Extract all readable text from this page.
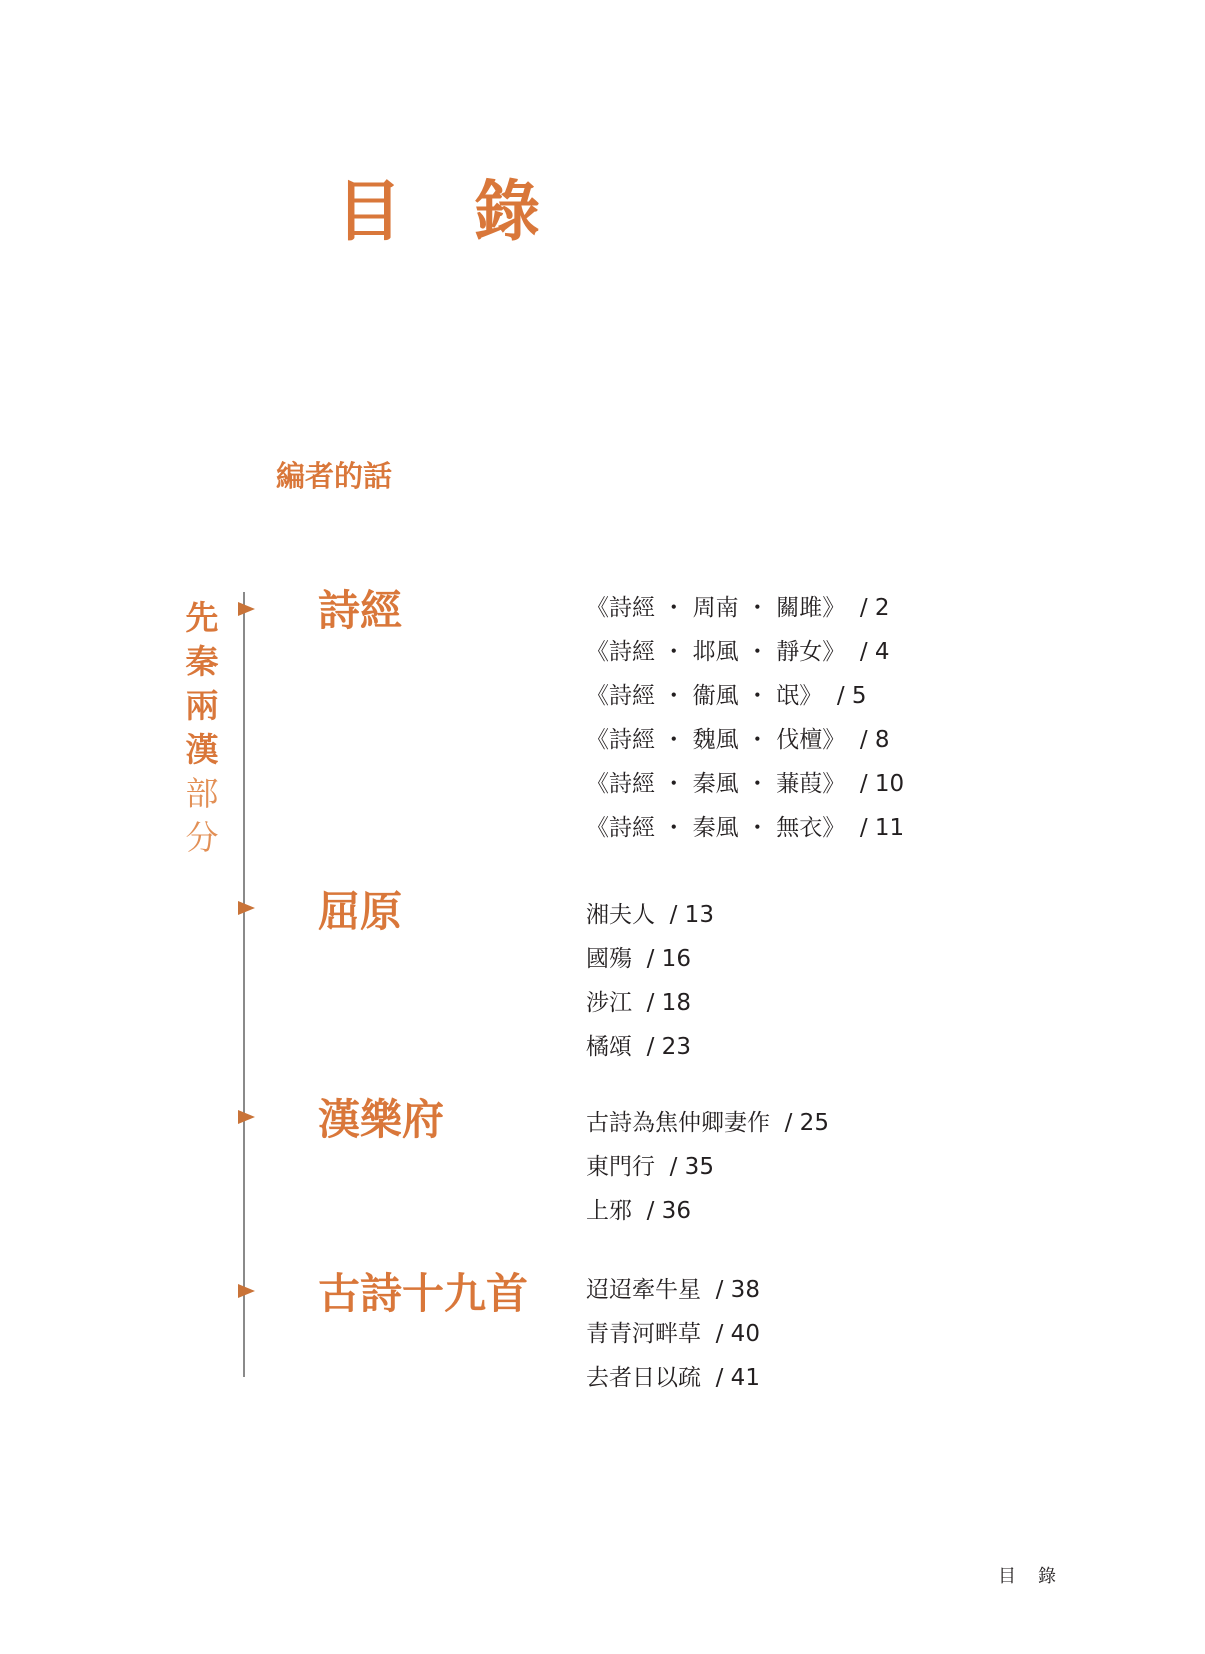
目 錄
編者的話
先
秦
兩
漢
部
分
詩經	《詩經 ・ 周南 ・ 關雎》  / 2
《詩經 ・ 邶風 ・ 靜女》  / 4
《詩經 ・ 衞風 ・ 氓》  / 5
《詩經 ・ 魏風 ・ 伐檀》  / 8
《詩經 ・ 秦風 ・ 蒹葭》  / 10
《詩經 ・ 秦風 ・ 無衣》  / 11
屈原	湘夫人  / 13
國殤  / 16
涉江  / 18
橘頌  / 23
漢樂府	古詩為焦仲卿妻作  / 25
東門行  / 35
上邪  / 36
古詩十九首	迢迢牽牛星  / 38
青青河畔草  / 40
去者日以疏  / 41
目 錄
